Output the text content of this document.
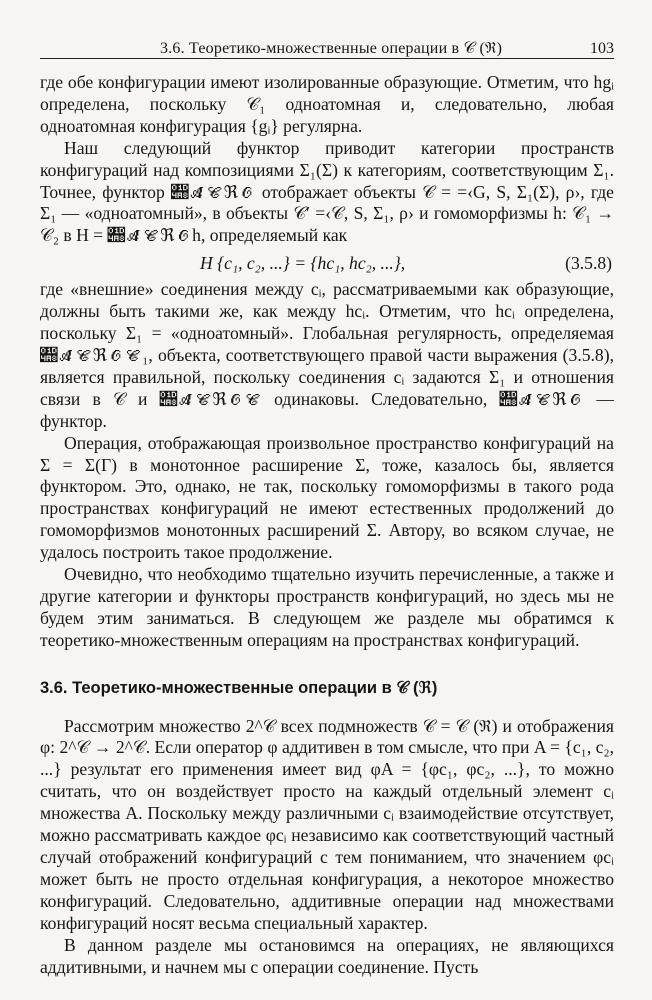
3.6. Теоретико-множественные операции в 𝒞 (ℜ)	103

где обе конфигурации имеют изолированные образующие. Отметим, что hgᵢ определена, поскольку 𝒞₁ одноатомная и, следовательно, любая одноатомная конфигурация {gᵢ} регулярна.

Наш следующий функтор приводит категории пространств конфигураций над композициями Σ₁(Σ) к категориям, соответствующим Σ₁. Точнее, функтор 𝒨𝒜𝒞ℜ𝒪 отображает объекты 𝒞 = =‹G, S, Σ₁(Σ), ρ›, где Σ₁ — «одноатомный», в объекты 𝒞′ =‹𝒞, S, Σ₁, ρ› и гомоморфизмы h: 𝒞₁ → 𝒞₂ в H = 𝒨𝒜𝒞ℜ𝒪h, определяемый как

H {c₁, c₂, ...} = {hc₁, hc₂, ...},	(3.5.8)

где «внешние» соединения между cᵢ, рассматриваемыми как образующие, должны быть такими же, как между hcᵢ. Отметим, что hcᵢ определена, поскольку Σ₁ = «одноатомный». Глобальная регулярность, определяемая 𝒨𝒜𝒞ℜ𝒪𝒞₁, объекта, соответствующего правой части выражения (3.5.8), является правильной, поскольку соединения cᵢ задаются Σ₁ и отношения связи в 𝒞 и 𝒨𝒜𝒞ℜ𝒪𝒞 одинаковы. Следовательно, 𝒨𝒜𝒞ℜ𝒪 — функтор.

Операция, отображающая произвольное пространство конфигураций на Σ = Σ(Γ) в монотонное расширение Σ, тоже, казалось бы, является функтором. Это, однако, не так, поскольку гомоморфизмы в такого рода пространствах конфигураций не имеют естественных продолжений до гомоморфизмов монотонных расширений Σ. Автору, во всяком случае, не удалось построить такое продолжение.

Очевидно, что необходимо тщательно изучить перечисленные, а также и другие категории и функторы пространств конфигураций, но здесь мы не будем этим заниматься. В следующем же разделе мы обратимся к теоретико-множественным операциям на пространствах конфигураций.

3.6. Теоретико-множественные операции в 𝒞 (ℜ)

Рассмотрим множество 2^𝒞 всех подмножеств 𝒞 = 𝒞 (ℜ) и отображения φ: 2^𝒞 → 2^𝒞. Если оператор φ аддитивен в том смысле, что при A = {c₁, c₂, ...} результат его применения имеет вид φA = {φc₁, φc₂, ...}, то можно считать, что он воздействует просто на каждый отдельный элемент cᵢ множества A. Поскольку между различными cᵢ взаимодействие отсутствует, можно рассматривать каждое φcᵢ независимо как соответствующий частный случай отображений конфигураций с тем пониманием, что значением φcᵢ может быть не просто отдельная конфигурация, а некоторое множество конфигураций. Следовательно, аддитивные операции над множествами конфигураций носят весьма специальный характер.

В данном разделе мы остановимся на операциях, не являющихся аддитивными, и начнем мы с операции соединение. Пусть
